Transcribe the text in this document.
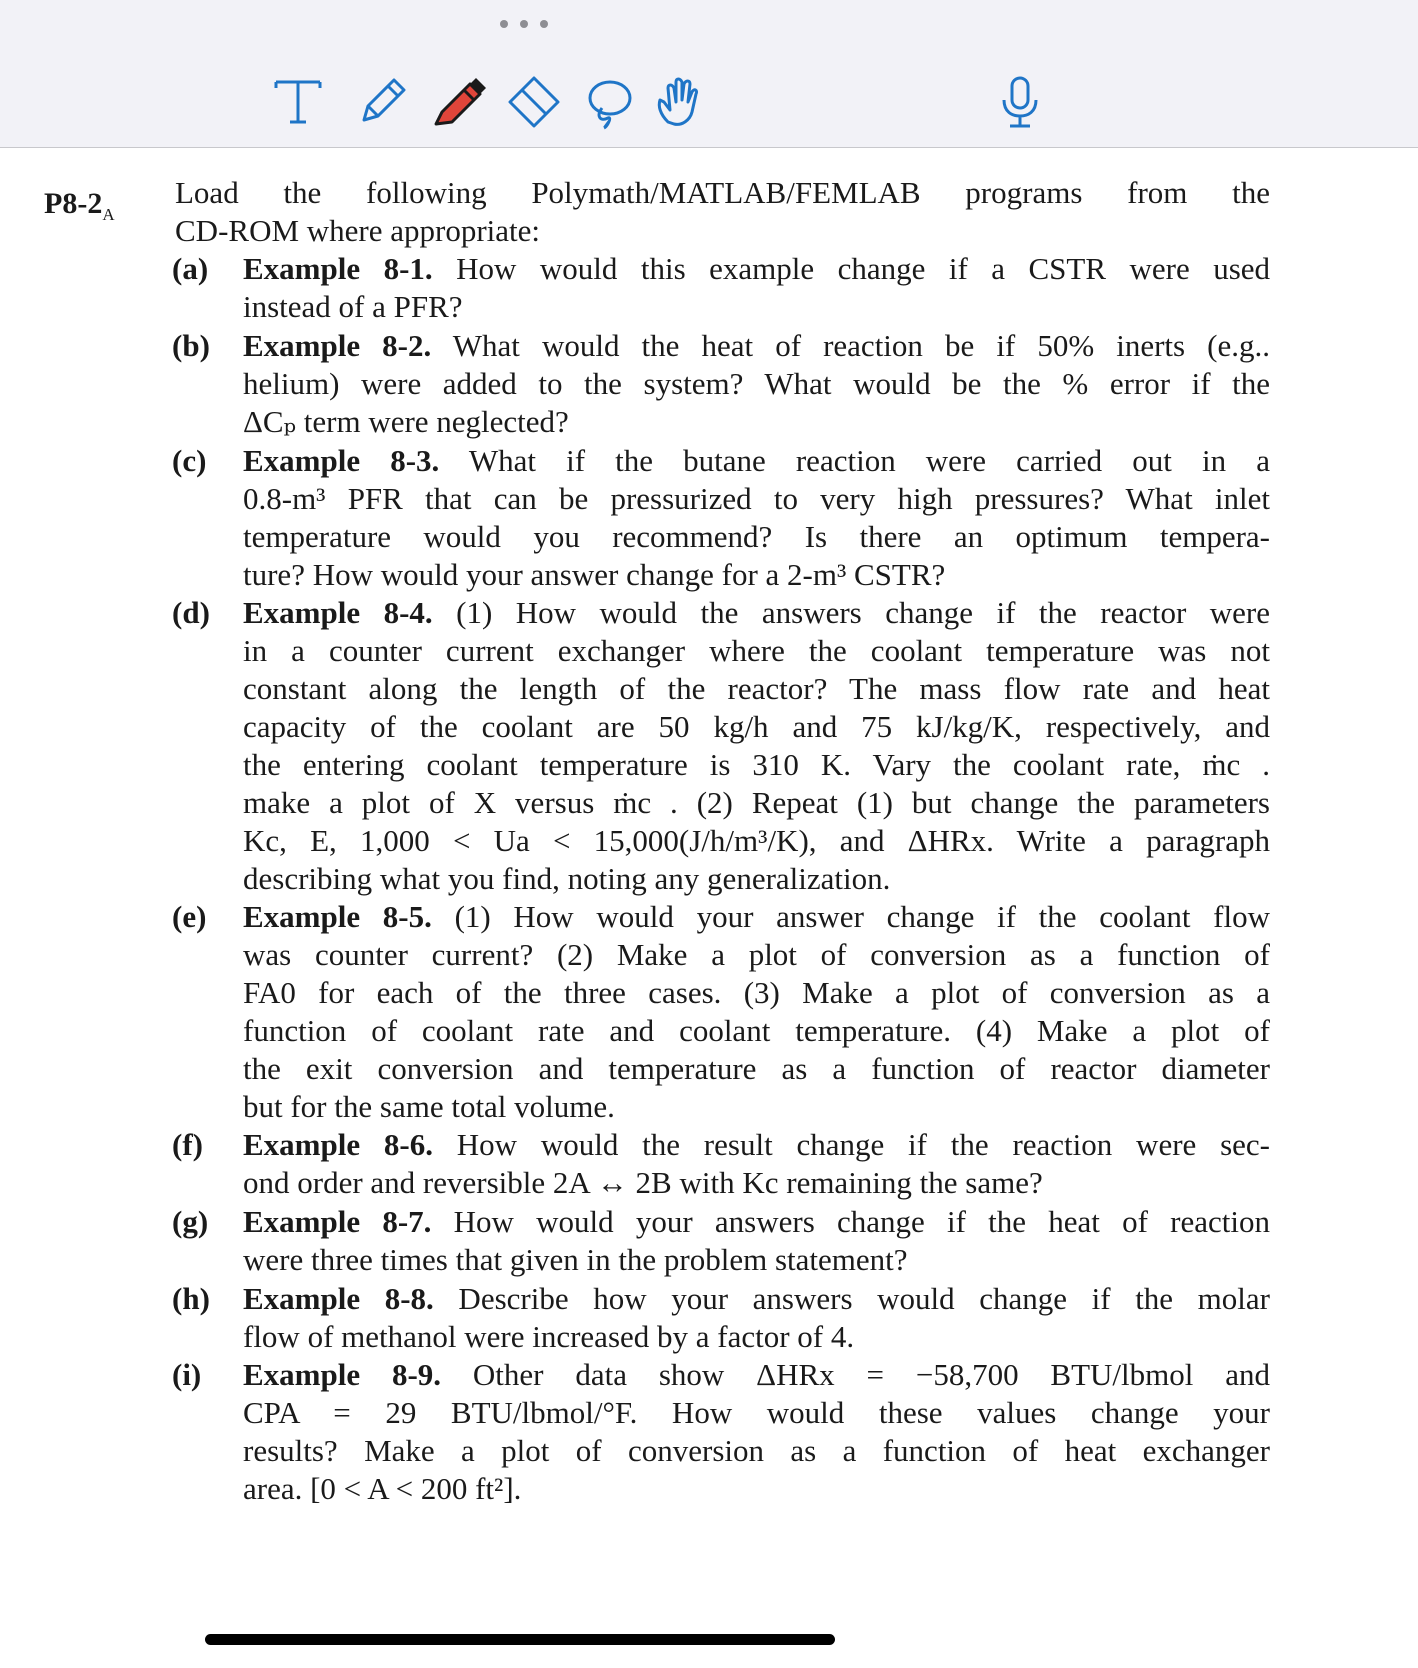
$P8-2_A$
Load the following Polymath/MATLAB/FEMLAB programs from the
CD-ROM where appropriate:
(a) Example 8-1. How would this example change if a CSTR were used
instead of a PFR?
(b) Example 8-2. What would the heat of reaction be if 50% inerts (e.g..
helium) were added to the system? What would be the % error if the
ΔCₚ term were neglected?
(c) Example 8-3. What if the butane reaction were carried out in a
0.8-m³ PFR that can be pressurized to very high pressures? What inlet
temperature would you recommend? Is there an optimum tempera-
ture? How would your answer change for a 2-m³ CSTR?
(d) Example 8-4. (1) How would the answers change if the reactor were
in a counter current exchanger where the coolant temperature was not
constant along the length of the reactor? The mass flow rate and heat
capacity of the coolant are 50 kg/h and 75 kJ/kg/K, respectively, and
the entering coolant temperature is 310 K. Vary the coolant rate, ṁc .
make a plot of X versus ṁc . (2) Repeat (1) but change the parameters
Kc, E, 1,000 < Ua < 15,000(J/h/m³/K), and ΔHRx. Write a paragraph
describing what you find, noting any generalization.
(e) Example 8-5. (1) How would your answer change if the coolant flow
was counter current? (2) Make a plot of conversion as a function of
FA0 for each of the three cases. (3) Make a plot of conversion as a
function of coolant rate and coolant temperature. (4) Make a plot of
the exit conversion and temperature as a function of reactor diameter
but for the same total volume.
(f) Example 8-6. How would the result change if the reaction were sec-
ond order and reversible 2A ↔ 2B with Kc remaining the same?
(g) Example 8-7. How would your answers change if the heat of reaction
were three times that given in the problem statement?
(h) Example 8-8. Describe how your answers would change if the molar
flow of methanol were increased by a factor of 4.
(i) Example 8-9. Other data show ΔHRx = −58,700 BTU/lbmol and
CPA = 29 BTU/lbmol/°F. How would these values change your
results? Make a plot of conversion as a function of heat exchanger
area. [0 < A < 200 ft²].
